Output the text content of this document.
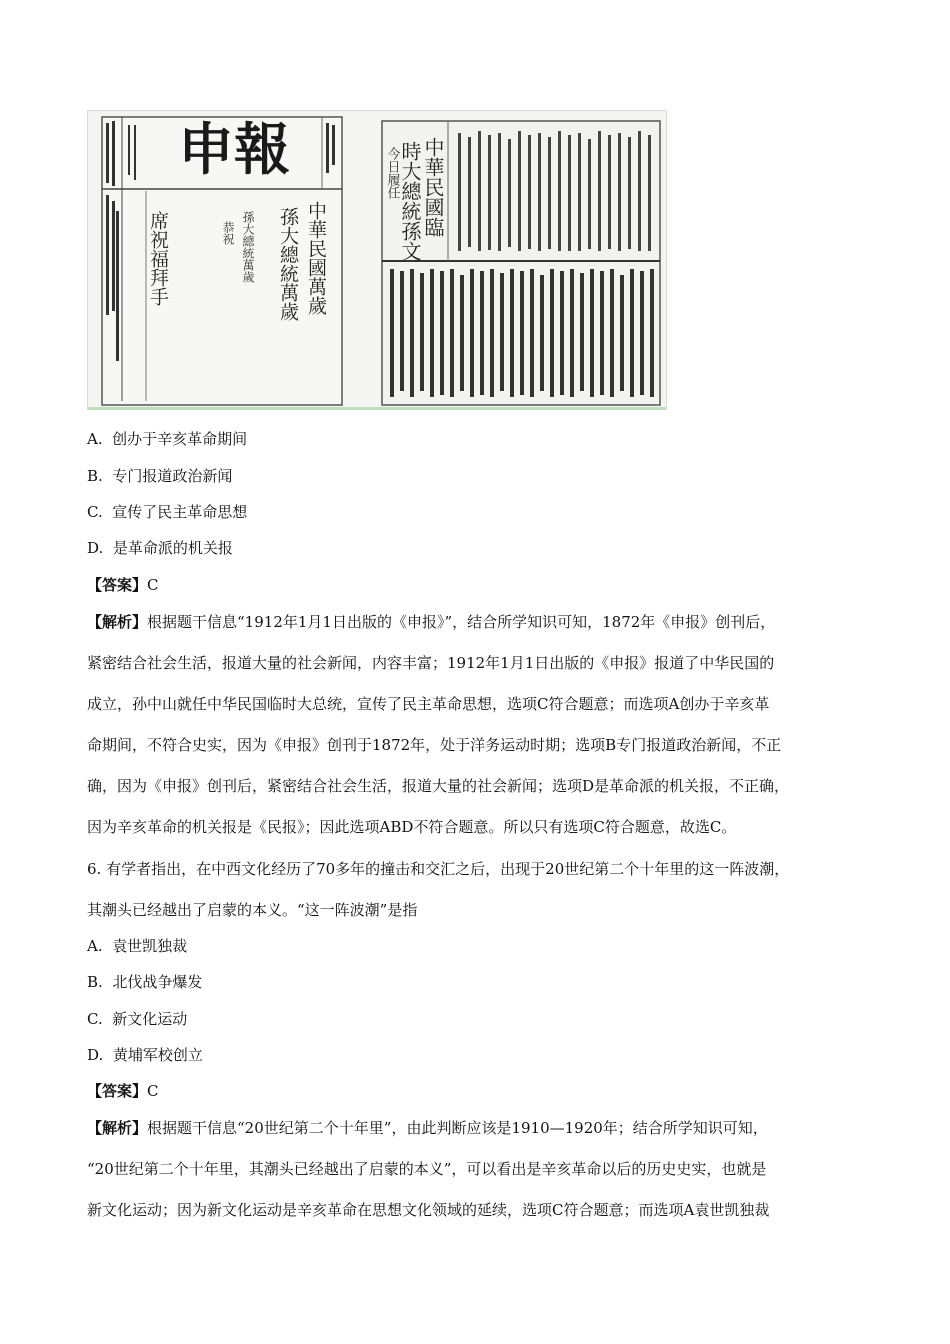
申報
中華民國萬歲
孫大總統萬歲
席祝福拜手	孫大總統萬歲
恭祝	中華民國臨
時大總統孫文
今日履任
A. 创办于辛亥革命期间
B. 专门报道政治新闻
C. 宣传了民主革命思想
D. 是革命派的机关报
【答案】C
【解析】根据题干信息“1912年1月1日出版的《申报》”，结合所学知识可知，1872年《申报》创刊后，
紧密结合社会生活，报道大量的社会新闻，内容丰富；1912年1月1日出版的《申报》报道了中华民国的
成立，孙中山就任中华民国临时大总统，宣传了民主革命思想，选项C符合题意；而选项A创办于辛亥革
命期间，不符合史实，因为《申报》创刊于1872年，处于洋务运动时期；选项B专门报道政治新闻，不正
确，因为《申报》创刊后，紧密结合社会生活，报道大量的社会新闻；选项D是革命派的机关报，不正确，
因为辛亥革命的机关报是《民报》；因此选项ABD不符合题意。所以只有选项C符合题意，故选C。
6. 有学者指出，在中西文化经历了70多年的撞击和交汇之后，出现于20世纪第二个十年里的这一阵波潮，
其潮头已经越出了启蒙的本义。“这一阵波潮”是指
A. 袁世凯独裁
B. 北伐战争爆发
C. 新文化运动
D. 黄埔军校创立
【答案】C
【解析】根据题干信息“20世纪第二个十年里”，由此判断应该是1910—1920年；结合所学知识可知，
“20世纪第二个十年里，其潮头已经越出了启蒙的本义”，可以看出是辛亥革命以后的历史史实，也就是
新文化运动；因为新文化运动是辛亥革命在思想文化领域的延续，选项C符合题意；而选项A袁世凯独裁
